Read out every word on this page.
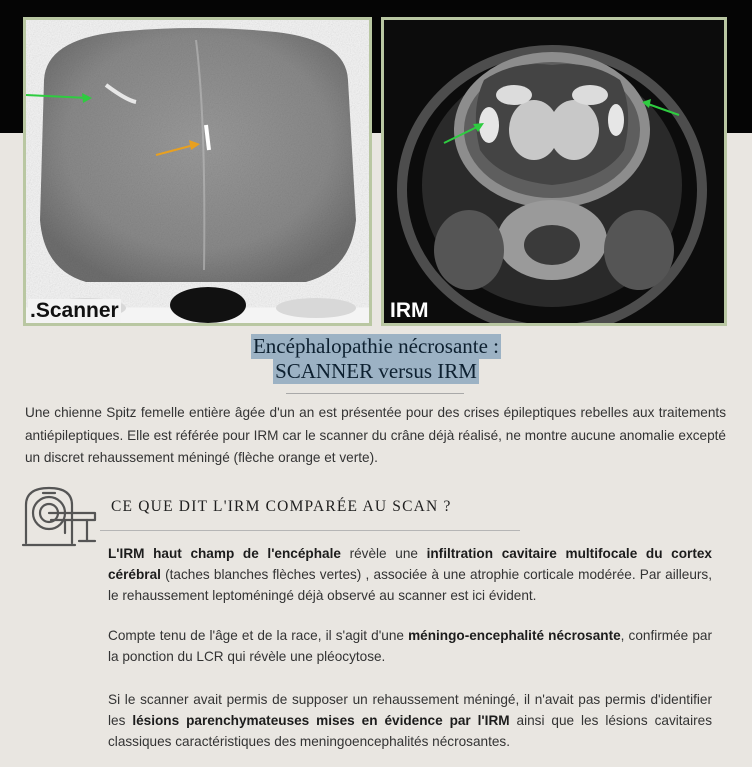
.Scanner	IRM
Encéphalopathie nécrosante :
SCANNER versus IRM
Une chienne Spitz femelle entière âgée d'un an est présentée pour des crises épileptiques rebelles aux traitements antiépileptiques. Elle est référée pour IRM car le scanner du crâne déjà réalisé, ne montre aucune anomalie excepté un discret rehaussement méningé (flèche orange et verte).
CE QUE DIT L'IRM COMPARÉE AU SCAN ?
L'IRM haut champ de l'encéphale révèle une infiltration cavitaire multifocale du cortex cérébral (taches blanches flèches vertes) , associée à une atrophie corticale modérée. Par ailleurs, le rehaussement leptoméningé déjà observé au scanner est ici évident.
Compte tenu de l'âge et de la race, il s'agit d'une méningo-encephalité nécrosante, confirmée par la ponction du LCR qui révèle une pléocytose.
Si le scanner avait permis de supposer un rehaussement méningé, il n'avait pas permis d'identifier les lésions parenchymateuses mises en évidence par l'IRM ainsi que les lésions cavitaires classiques caractéristiques des meningoencephalités nécrosantes.
